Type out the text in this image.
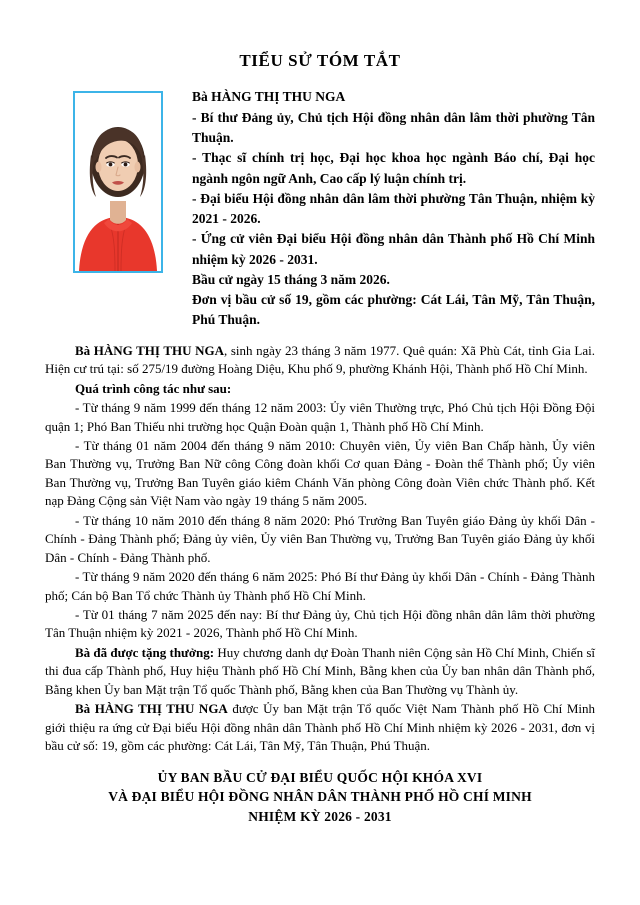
TIỂU SỬ TÓM TẮT

Bà HÀNG THỊ THU NGA

- Bí thư Đảng ủy, Chủ tịch Hội đồng nhân dân lâm thời phường Tân Thuận.

- Thạc sĩ chính trị học, Đại học khoa học ngành Báo chí, Đại học ngành ngôn ngữ Anh, Cao cấp lý luận chính trị.

- Đại biểu Hội đồng nhân dân lâm thời phường Tân Thuận, nhiệm kỳ 2021 - 2026.

- Ứng cử viên Đại biểu Hội đồng nhân dân Thành phố Hồ Chí Minh nhiệm kỳ 2026 - 2031.

Bầu cử ngày 15 tháng 3 năm 2026.

Đơn vị bầu cử số 19, gồm các phường: Cát Lái, Tân Mỹ, Tân Thuận, Phú Thuận.

Bà HÀNG THỊ THU NGA, sinh ngày 23 tháng 3 năm 1977. Quê quán: Xã Phù Cát, tỉnh Gia Lai. Hiện cư trú tại: số 275/19 đường Hoàng Diệu, Khu phố 9, phường Khánh Hội, Thành phố Hồ Chí Minh.

Quá trình công tác như sau:

- Từ tháng 9 năm 1999 đến tháng 12 năm 2003: Ủy viên Thường trực, Phó Chủ tịch Hội Đồng Đội quận 1; Phó Ban Thiếu nhi trường học Quận Đoàn quận 1, Thành phố Hồ Chí Minh.

- Từ tháng 01 năm 2004 đến tháng 9 năm 2010: Chuyên viên, Ủy viên Ban Chấp hành, Ủy viên Ban Thường vụ, Trưởng Ban Nữ công Công đoàn khối Cơ quan Đảng - Đoàn thể Thành phố; Ủy viên Ban Thường vụ, Trưởng Ban Tuyên giáo kiêm Chánh Văn phòng Công đoàn Viên chức Thành phố. Kết nạp Đảng Cộng sản Việt Nam vào ngày 19 tháng 5 năm 2005.

- Từ tháng 10 năm 2010 đến tháng 8 năm 2020: Phó Trưởng Ban Tuyên giáo Đảng ủy khối Dân - Chính - Đảng Thành phố; Đảng ủy viên, Ủy viên Ban Thường vụ, Trưởng Ban Tuyên giáo Đảng ủy khối Dân - Chính - Đảng Thành phố.

- Từ tháng 9 năm 2020 đến tháng 6 năm 2025: Phó Bí thư Đảng ủy khối Dân - Chính - Đảng Thành phố; Cán bộ Ban Tổ chức Thành ủy Thành phố Hồ Chí Minh.

- Từ 01 tháng 7 năm 2025 đến nay: Bí thư Đảng ủy, Chủ tịch Hội đồng nhân dân lâm thời phường Tân Thuận nhiệm kỳ 2021 - 2026, Thành phố Hồ Chí Minh.

Bà đã được tặng thưởng: Huy chương danh dự Đoàn Thanh niên Cộng sản Hồ Chí Minh, Chiến sĩ thi đua cấp Thành phố, Huy hiệu Thành phố Hồ Chí Minh, Bằng khen của Ủy ban nhân dân Thành phố, Bằng khen Ủy ban Mặt trận Tổ quốc Thành phố, Bằng khen của Ban Thường vụ Thành ủy.

Bà HÀNG THỊ THU NGA được Ủy ban Mặt trận Tổ quốc Việt Nam Thành phố Hồ Chí Minh giới thiệu ra ứng cử Đại biểu Hội đồng nhân dân Thành phố Hồ Chí Minh nhiệm kỳ 2026 - 2031, đơn vị bầu cử số: 19, gồm các phường: Cát Lái, Tân Mỹ, Tân Thuận, Phú Thuận.

ỦY BAN BẦU CỬ ĐẠI BIỂU QUỐC HỘI KHÓA XVI

VÀ ĐẠI BIỂU HỘI ĐỒNG NHÂN DÂN THÀNH PHỐ HỒ CHÍ MINH

NHIỆM KỲ 2026 - 2031
